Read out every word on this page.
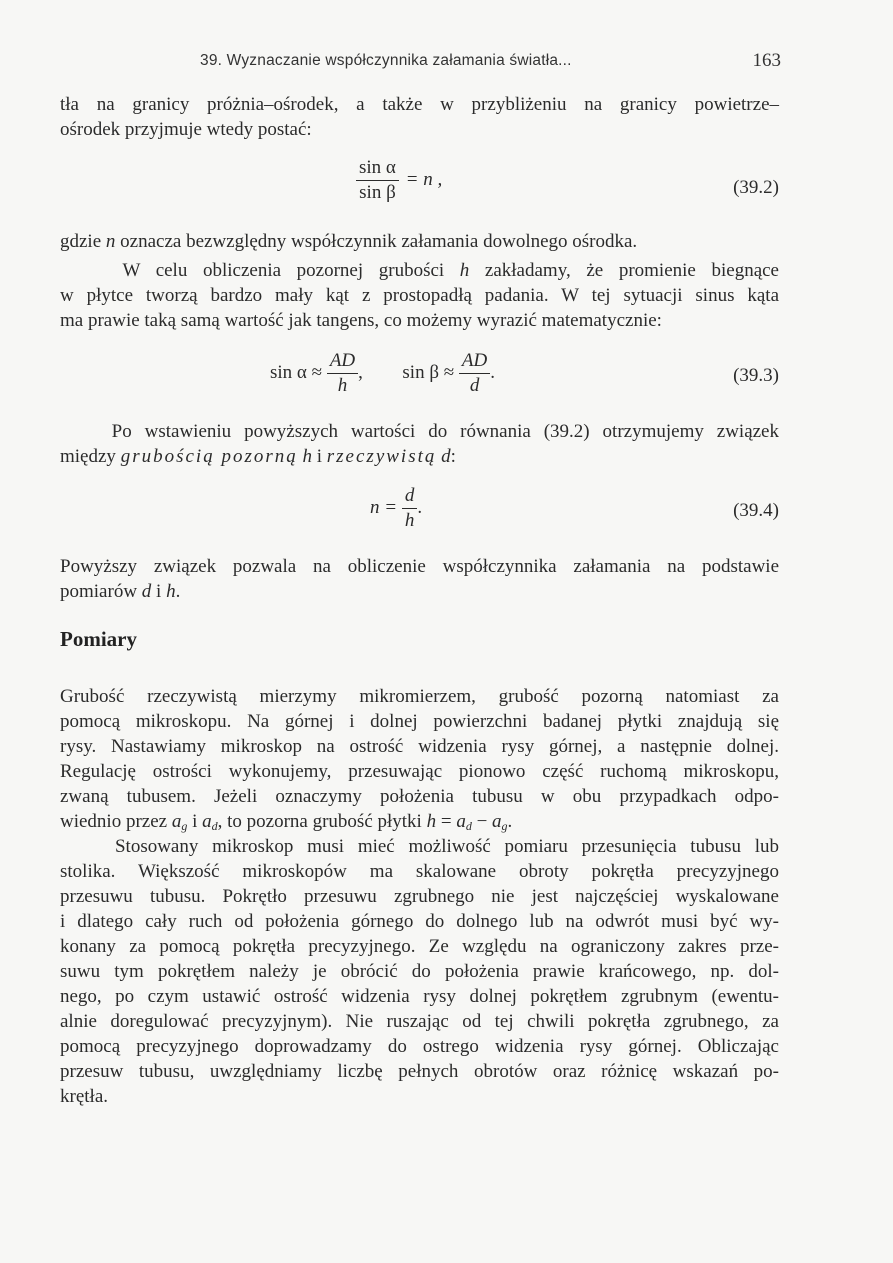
39. Wyznaczanie współczynnika załamania światła...	163
tła na granicy próżnia–ośrodek, a także w przybliżeniu na granicy powietrze–
ośrodek przyjmuje wtedy postać:
$\frac{\text{sin α}}{\text{sin β}} = n$ ,	(39.2)
gdzie n oznacza bezwzględny współczynnik załamania dowolnego ośrodka.
W celu obliczenia pozornej grubości h zakładamy, że promienie biegnące
w płytce tworzą bardzo mały kąt z prostopadłą padania. W tej sytuacji sinus kąta
ma prawie taką samą wartość jak tangens, co możemy wyrazić matematycznie:
$\sin \alpha \approx \frac{AD}{h}$ , $\sin \beta \approx \frac{AD}{d}$ .	(39.3)
Po wstawieniu powyższych wartości do równania (39.2) otrzymujemy związek
między grubością pozorną h i rzeczywistą d:
$n = \frac{d}{h}$ .	(39.4)
Powyższy związek pozwala na obliczenie współczynnika załamania na podstawie
pomiarów d i h.
Pomiary
Grubość rzeczywistą mierzymy mikromierzem, grubość pozorną natomiast za
pomocą mikroskopu. Na górnej i dolnej powierzchni badanej płytki znajdują się
rysy. Nastawiamy mikroskop na ostrość widzenia rysy górnej, a następnie dolnej.
Regulację ostrości wykonujemy, przesuwając pionowo część ruchomą mikroskopu,
zwaną tubusem. Jeżeli oznaczymy położenia tubusu w obu przypadkach odpo-
wiednio przez $a_g$ i $a_d$, to pozorna grubość płytki $h = a_d - a_g$.
Stosowany mikroskop musi mieć możliwość pomiaru przesunięcia tubusu lub
stolika. Większość mikroskopów ma skalowane obroty pokrętła precyzyjnego
przesuwu tubusu. Pokrętło przesuwu zgrubnego nie jest najczęściej wyskalowane
i dlatego cały ruch od położenia górnego do dolnego lub na odwrót musi być wy-
konany za pomocą pokrętła precyzyjnego. Ze względu na ograniczony zakres prze-
suwu tym pokrętłem należy je obrócić do położenia prawie krańcowego, np. dol-
nego, po czym ustawić ostrość widzenia rysy dolnej pokrętłem zgrubnym (ewentu-
alnie doregulować precyzyjnym). Nie ruszając od tej chwili pokrętła zgrubnego, za
pomocą precyzyjnego doprowadzamy do ostrego widzenia rysy górnej. Obliczając
przesuw tubusu, uwzględniamy liczbę pełnych obrotów oraz różnicę wskazań po-
krętła.
